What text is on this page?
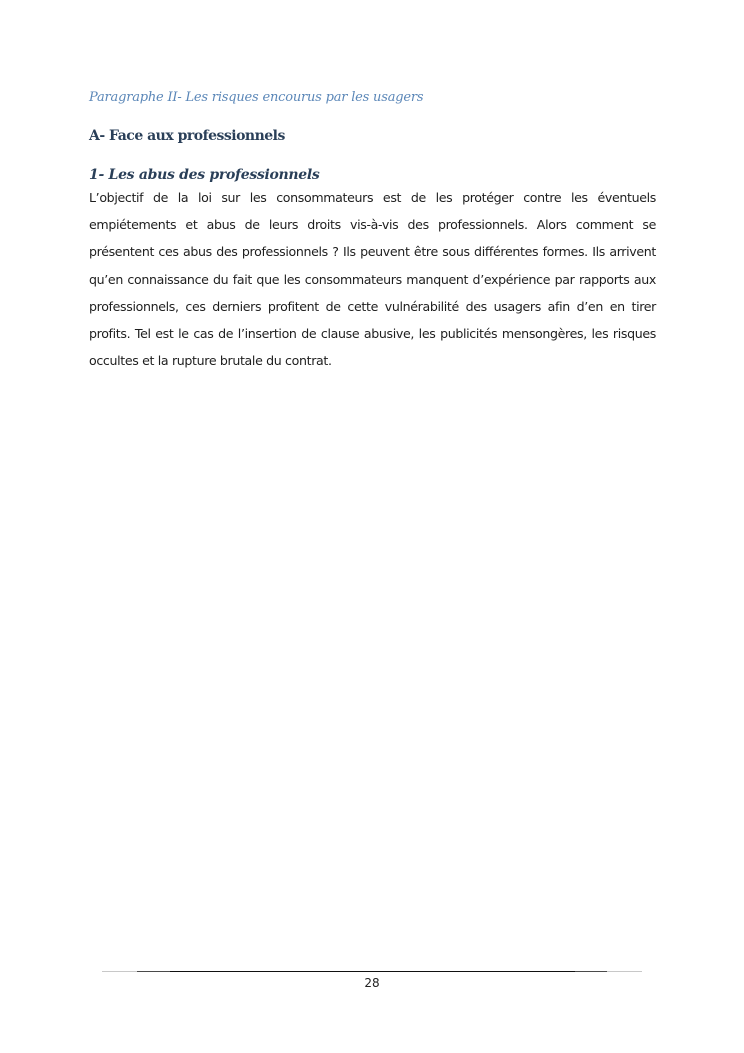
Paragraphe II- Les risques encourus par les usagers

A- Face aux professionnels

1- Les abus des professionnels

L’objectif de la loi sur les consommateurs est de les protéger contre les éventuels empiétements et abus de leurs droits vis-à-vis des professionnels. Alors comment se présentent ces abus des professionnels ? Ils peuvent être sous différentes formes. Ils arrivent qu’en connaissance du fait que les consommateurs manquent d’expérience par rapports aux professionnels, ces derniers profitent de cette vulnérabilité des usagers afin d’en en tirer profits. Tel est le cas de l’insertion de clause abusive, les publicités mensongères, les risques occultes et la rupture brutale du contrat.

28
